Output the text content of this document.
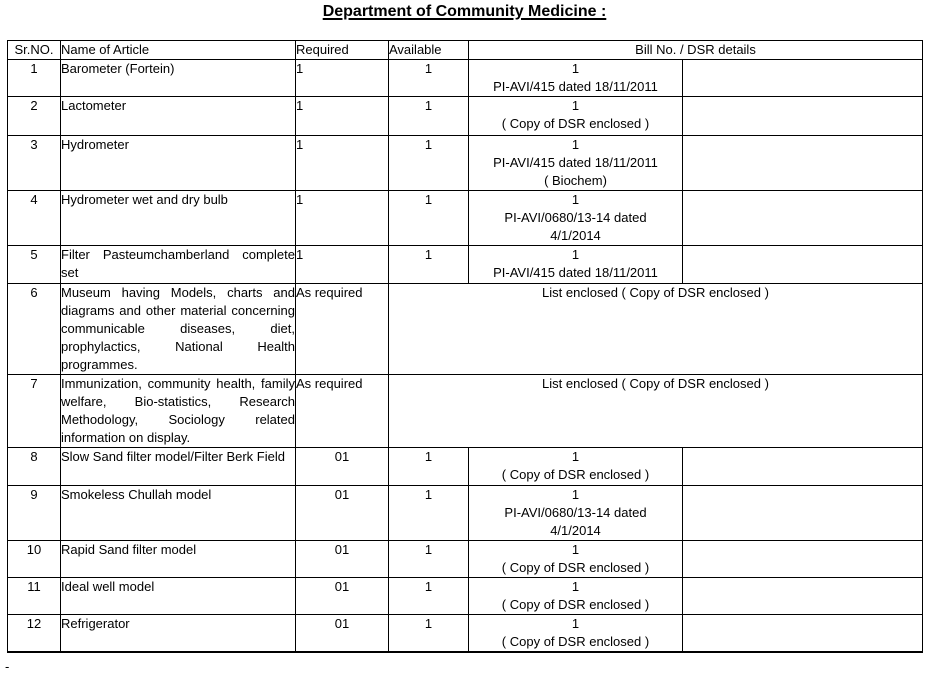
Department of Community Medicine :
Sr.NO.	Name of Article	Required	Available	Bill No. / DSR details	
1	Barometer (Fortein)	1	1	1
PI-AVI/415 dated 18/11/2011	

2	Lactometer	1	1	1
( Copy of DSR enclosed )	

3	Hydrometer	1	1	1
PI-AVI/415 dated 18/11/2011
( Biochem)	

4	Hydrometer wet and dry bulb	1	1	1
PI-AVI/0680/13-14 dated
4/1/2014	

5	Filter Pasteumchamberland complete set	1	1	1
PI-AVI/415 dated 18/11/2011	

6	Museum having Models, charts and diagrams and other material concerning communicable diseases, diet, prophylactics, National Health programmes.	As required	List enclosed ( Copy of DSR enclosed )		

7	Immunization, community health, family welfare, Bio-statistics, Research Methodology, Sociology related information on display.	As required	List enclosed ( Copy of DSR enclosed )		

8	Slow Sand filter model/Filter Berk Field	01	1	1
( Copy of DSR enclosed )	

9	Smokeless Chullah model	01	1	1
PI-AVI/0680/13-14 dated
4/1/2014	

10	Rapid Sand filter model	01	1	1
( Copy of DSR enclosed )	

11	Ideal well model	01	1	1
( Copy of DSR enclosed )	

12	Refrigerator	01	1	1
( Copy of DSR enclosed )	

-
